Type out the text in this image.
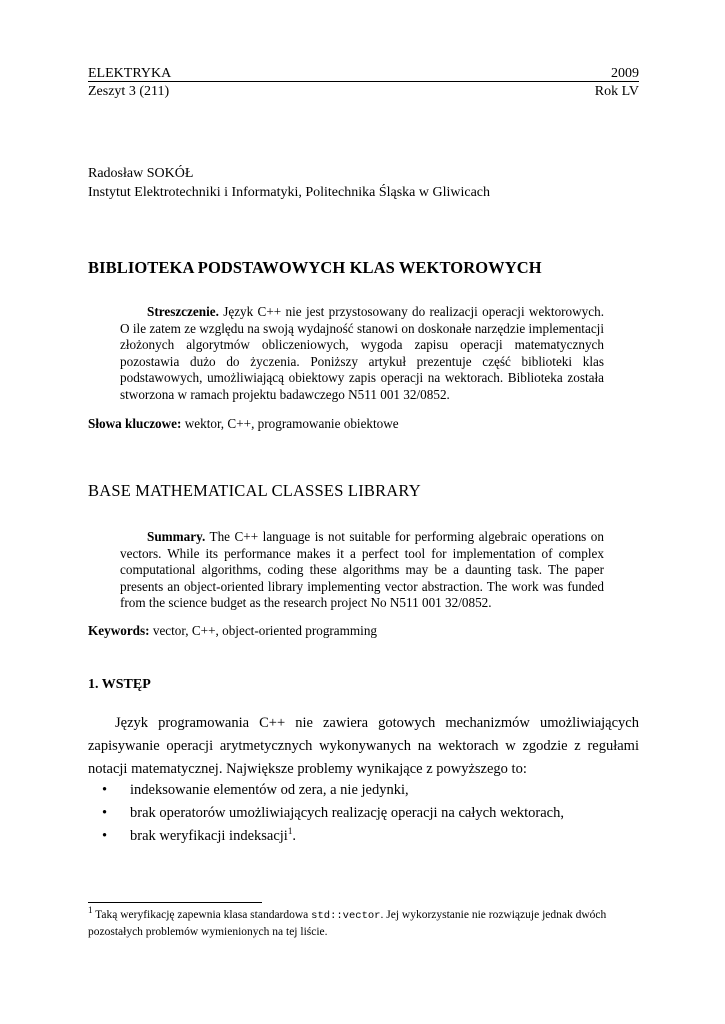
ELEKTRYKA	2009
Zeszyt 3 (211)	Rok LV
Radosław SOKÓŁ
Instytut Elektrotechniki i Informatyki, Politechnika Śląska w Gliwicach
BIBLIOTEKA PODSTAWOWYCH KLAS WEKTOROWYCH
Streszczenie. Język C++ nie jest przystosowany do realizacji operacji wektorowych. O ile zatem ze względu na swoją wydajność stanowi on doskonałe narzędzie implementacji złożonych algorytmów obliczeniowych, wygoda zapisu operacji matematycznych pozostawia dużo do życzenia. Poniższy artykuł prezentuje część biblioteki klas podstawowych, umożliwiającą obiektowy zapis operacji na wektorach. Biblioteka została stworzona w ramach projektu badawczego N511 001 32/0852.
Słowa kluczowe: wektor, C++, programowanie obiektowe
BASE MATHEMATICAL CLASSES LIBRARY
Summary. The C++ language is not suitable for performing algebraic operations on vectors. While its performance makes it a perfect tool for implementation of complex computational algorithms, coding these algorithms may be a daunting task. The paper presents an object-oriented library implementing vector abstraction. The work was funded from the science budget as the research project No N511 001 32/0852.
Keywords: vector, C++, object-oriented programming
1. WSTĘP
Język programowania C++ nie zawiera gotowych mechanizmów umożliwiających zapisywanie operacji arytmetycznych wykonywanych na wektorach w zgodzie z regułami notacji matematycznej. Największe problemy wynikające z powyższego to:
• indeksowanie elementów od zera, a nie jedynki,
• brak operatorów umożliwiających realizację operacji na całych wektorach,
• brak weryfikacji indeksacji$^1$.
$^1$ Taką weryfikację zapewnia klasa standardowa std::vector. Jej wykorzystanie nie rozwiązuje jednak dwóch pozostałych problemów wymienionych na tej liście.
